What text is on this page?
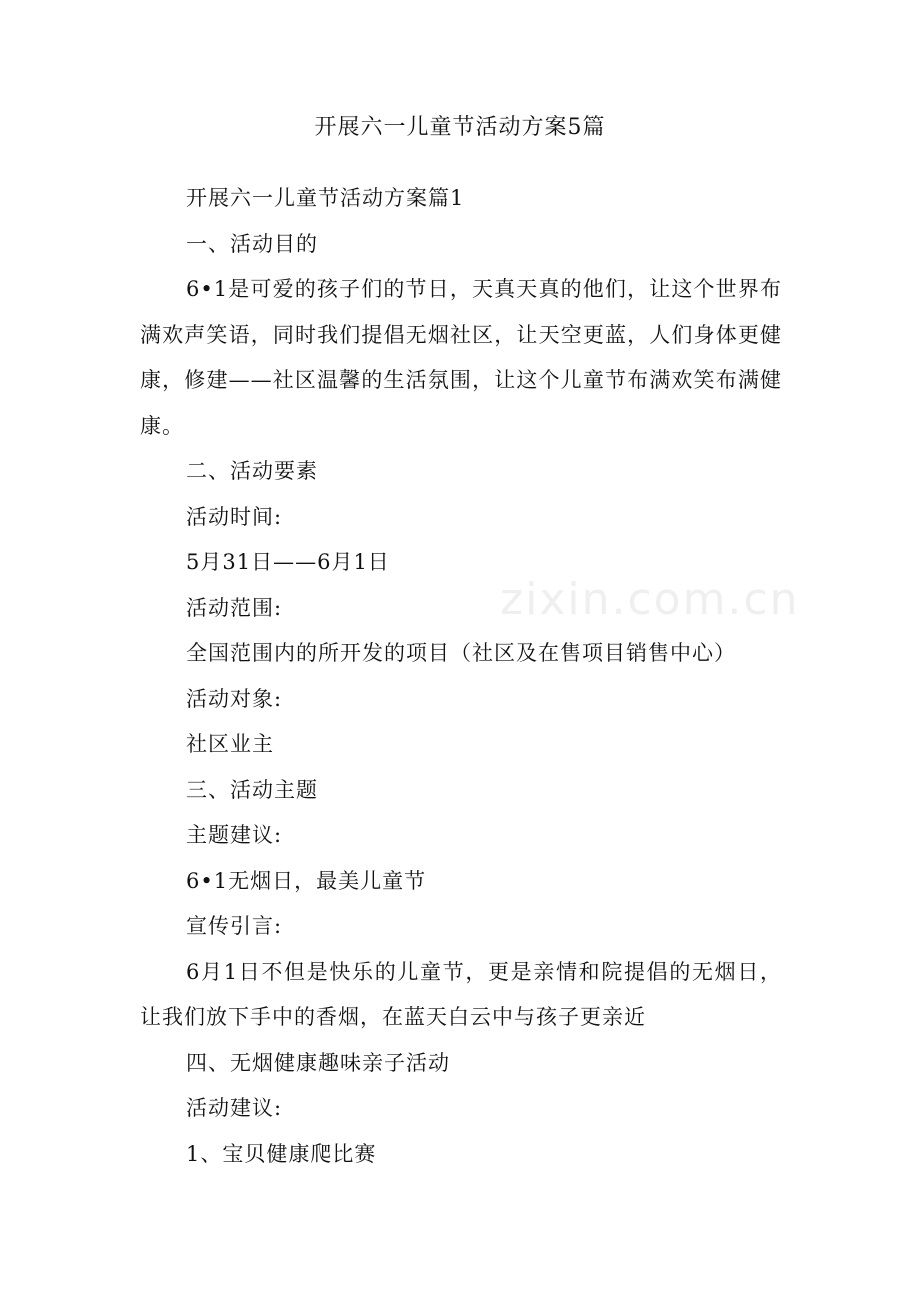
zixin.com.cn
开展六一儿童节活动方案5篇

开展六一儿童节活动方案篇1

一、活动目的

6•1是可爱的孩子们的节日，天真天真的他们，让这个世界布满欢声笑语，同时我们提倡无烟社区，让天空更蓝，人们身体更健康，修建——社区温馨的生活氛围，让这个儿童节布满欢笑布满健康。

二、活动要素

活动时间:

5月31日——6月1日

活动范围:

全国范围内的所开发的项目（社区及在售项目销售中心）

活动对象:

社区业主

三、活动主题

主题建议:

6•1无烟日，最美儿童节

宣传引言:

6月1日不但是快乐的儿童节，更是亲情和院提倡的无烟日，让我们放下手中的香烟，在蓝天白云中与孩子更亲近

四、无烟健康趣味亲子活动

活动建议:

1、宝贝健康爬比赛
